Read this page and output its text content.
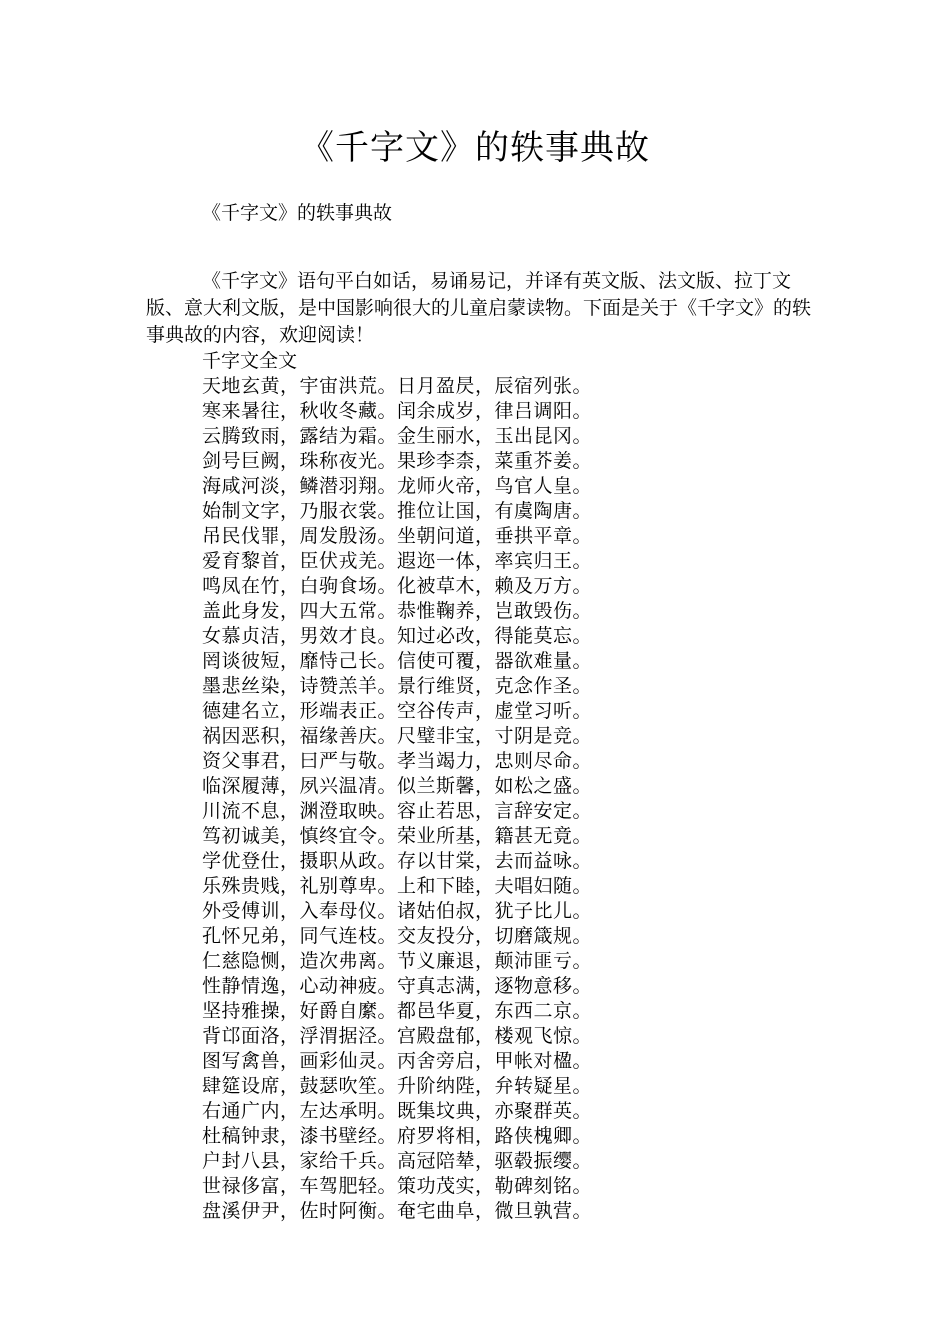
《千字文》的轶事典故

《千字文》的轶事典故

《千字文》语句平白如话，易诵易记，并译有英文版、法文版、拉丁文版、意大利文版，是中国影响很大的儿童启蒙读物。下面是关于《千字文》的轶事典故的内容，欢迎阅读！

千字文全文
天地玄黄，宇宙洪荒。日月盈昃，辰宿列张。
寒来暑往，秋收冬藏。闰余成岁，律吕调阳。
云腾致雨，露结为霜。金生丽水，玉出昆冈。
剑号巨阙，珠称夜光。果珍李柰，菜重芥姜。
海咸河淡，鳞潜羽翔。龙师火帝，鸟官人皇。
始制文字，乃服衣裳。推位让国，有虞陶唐。
吊民伐罪，周发殷汤。坐朝问道，垂拱平章。
爱育黎首，臣伏戎羌。遐迩一体，率宾归王。
鸣凤在竹，白驹食场。化被草木，赖及万方。
盖此身发，四大五常。恭惟鞠养，岂敢毁伤。
女慕贞洁，男效才良。知过必改，得能莫忘。
罔谈彼短，靡恃己长。信使可覆，器欲难量。
墨悲丝染，诗赞羔羊。景行维贤，克念作圣。
德建名立，形端表正。空谷传声，虚堂习听。
祸因恶积，福缘善庆。尺璧非宝，寸阴是竞。
资父事君，曰严与敬。孝当竭力，忠则尽命。
临深履薄，夙兴温凊。似兰斯馨，如松之盛。
川流不息，渊澄取映。容止若思，言辞安定。
笃初诚美，慎终宜令。荣业所基，籍甚无竟。
学优登仕，摄职从政。存以甘棠，去而益咏。
乐殊贵贱，礼别尊卑。上和下睦，夫唱妇随。
外受傅训，入奉母仪。诸姑伯叔，犹子比儿。
孔怀兄弟，同气连枝。交友投分，切磨箴规。
仁慈隐恻，造次弗离。节义廉退，颠沛匪亏。
性静情逸，心动神疲。守真志满，逐物意移。
坚持雅操，好爵自縻。都邑华夏，东西二京。
背邙面洛，浮渭据泾。宫殿盘郁，楼观飞惊。
图写禽兽，画彩仙灵。丙舍旁启，甲帐对楹。
肆筵设席，鼓瑟吹笙。升阶纳陛，弁转疑星。
右通广内，左达承明。既集坟典，亦聚群英。
杜稿钟隶，漆书壁经。府罗将相，路侠槐卿。
户封八县，家给千兵。高冠陪辇，驱毂振缨。
世禄侈富，车驾肥轻。策功茂实，勒碑刻铭。
盘溪伊尹，佐时阿衡。奄宅曲阜，微旦孰营。
